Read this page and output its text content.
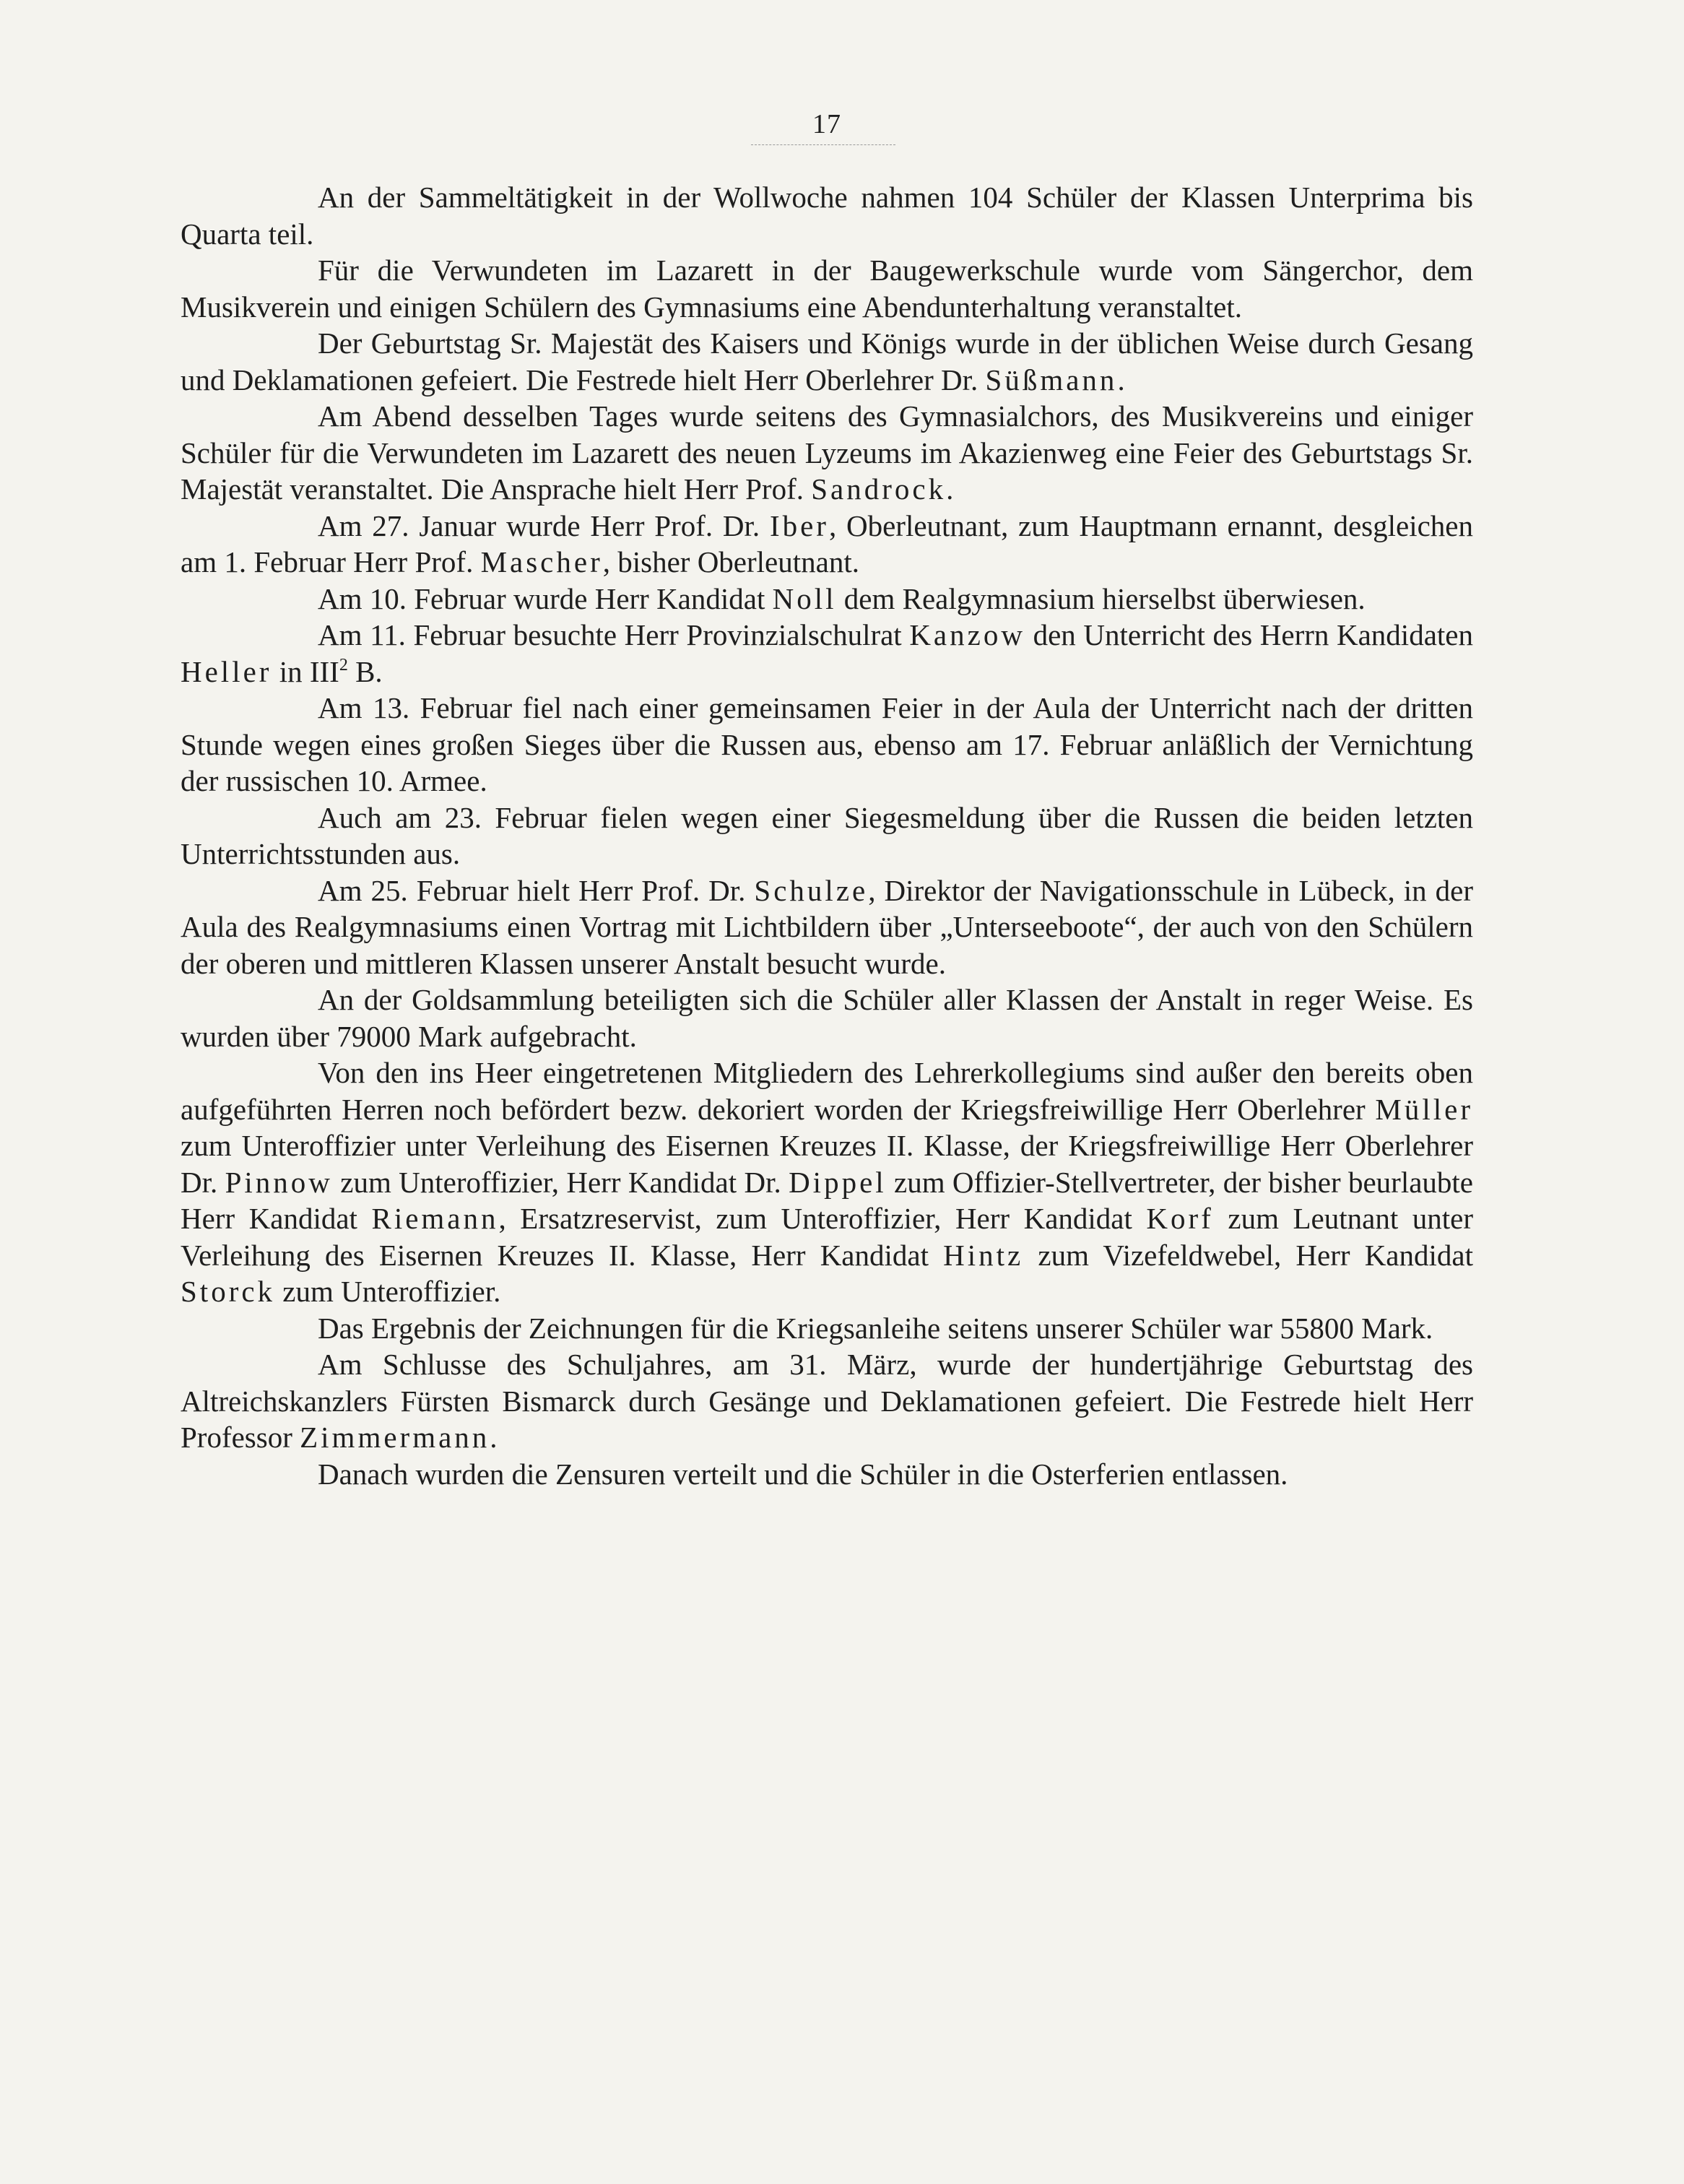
17

An der Sammeltätigkeit in der Wollwoche nahmen 104 Schüler der Klassen Unterprima bis Quarta teil.

Für die Verwundeten im Lazarett in der Baugewerkschule wurde vom Sängerchor, dem Musikverein und einigen Schülern des Gymnasiums eine Abendunterhaltung veranstaltet.

Der Geburtstag Sr. Majestät des Kaisers und Königs wurde in der üblichen Weise durch Gesang und Deklamationen gefeiert. Die Festrede hielt Herr Oberlehrer Dr. Süßmann.

Am Abend desselben Tages wurde seitens des Gymnasialchors, des Musikvereins und einiger Schüler für die Verwundeten im Lazarett des neuen Lyzeums im Akazienweg eine Feier des Geburtstags Sr. Majestät veranstaltet. Die Ansprache hielt Herr Prof. Sandrock.

Am 27. Januar wurde Herr Prof. Dr. Iber, Oberleutnant, zum Hauptmann ernannt, desgleichen am 1. Februar Herr Prof. Mascher, bisher Oberleutnant.

Am 10. Februar wurde Herr Kandidat Noll dem Realgymnasium hierselbst überwiesen.

Am 11. Februar besuchte Herr Provinzialschulrat Kanzow den Unterricht des Herrn Kandidaten Heller in III$^2$ B.

Am 13. Februar fiel nach einer gemeinsamen Feier in der Aula der Unterricht nach der dritten Stunde wegen eines großen Sieges über die Russen aus, ebenso am 17. Februar anläßlich der Vernichtung der russischen 10. Armee.

Auch am 23. Februar fielen wegen einer Siegesmeldung über die Russen die beiden letzten Unterrichtsstunden aus.

Am 25. Februar hielt Herr Prof. Dr. Schulze, Direktor der Navigationsschule in Lübeck, in der Aula des Realgymnasiums einen Vortrag mit Lichtbildern über „Unterseeboote“, der auch von den Schülern der oberen und mittleren Klassen unserer Anstalt besucht wurde.

An der Goldsammlung beteiligten sich die Schüler aller Klassen der Anstalt in reger Weise. Es wurden über 79000 Mark aufgebracht.

Von den ins Heer eingetretenen Mitgliedern des Lehrerkollegiums sind außer den bereits oben aufgeführten Herren noch befördert bezw. dekoriert worden der Kriegsfreiwillige Herr Oberlehrer Müller zum Unteroffizier unter Verleihung des Eisernen Kreuzes II. Klasse, der Kriegsfreiwillige Herr Oberlehrer Dr. Pinnow zum Unteroffizier, Herr Kandidat Dr. Dippel zum Offizier-Stellvertreter, der bisher beurlaubte Herr Kandidat Riemann, Ersatzreservist, zum Unteroffizier, Herr Kandidat Korf zum Leutnant unter Verleihung des Eisernen Kreuzes II. Klasse, Herr Kandidat Hintz zum Vizefeldwebel, Herr Kandidat Storck zum Unteroffizier.

Das Ergebnis der Zeichnungen für die Kriegsanleihe seitens unserer Schüler war 55800 Mark.

Am Schlusse des Schuljahres, am 31. März, wurde der hundertjährige Geburtstag des Altreichskanzlers Fürsten Bismarck durch Gesänge und Deklamationen gefeiert. Die Festrede hielt Herr Professor Zimmermann.

Danach wurden die Zensuren verteilt und die Schüler in die Osterferien entlassen.
